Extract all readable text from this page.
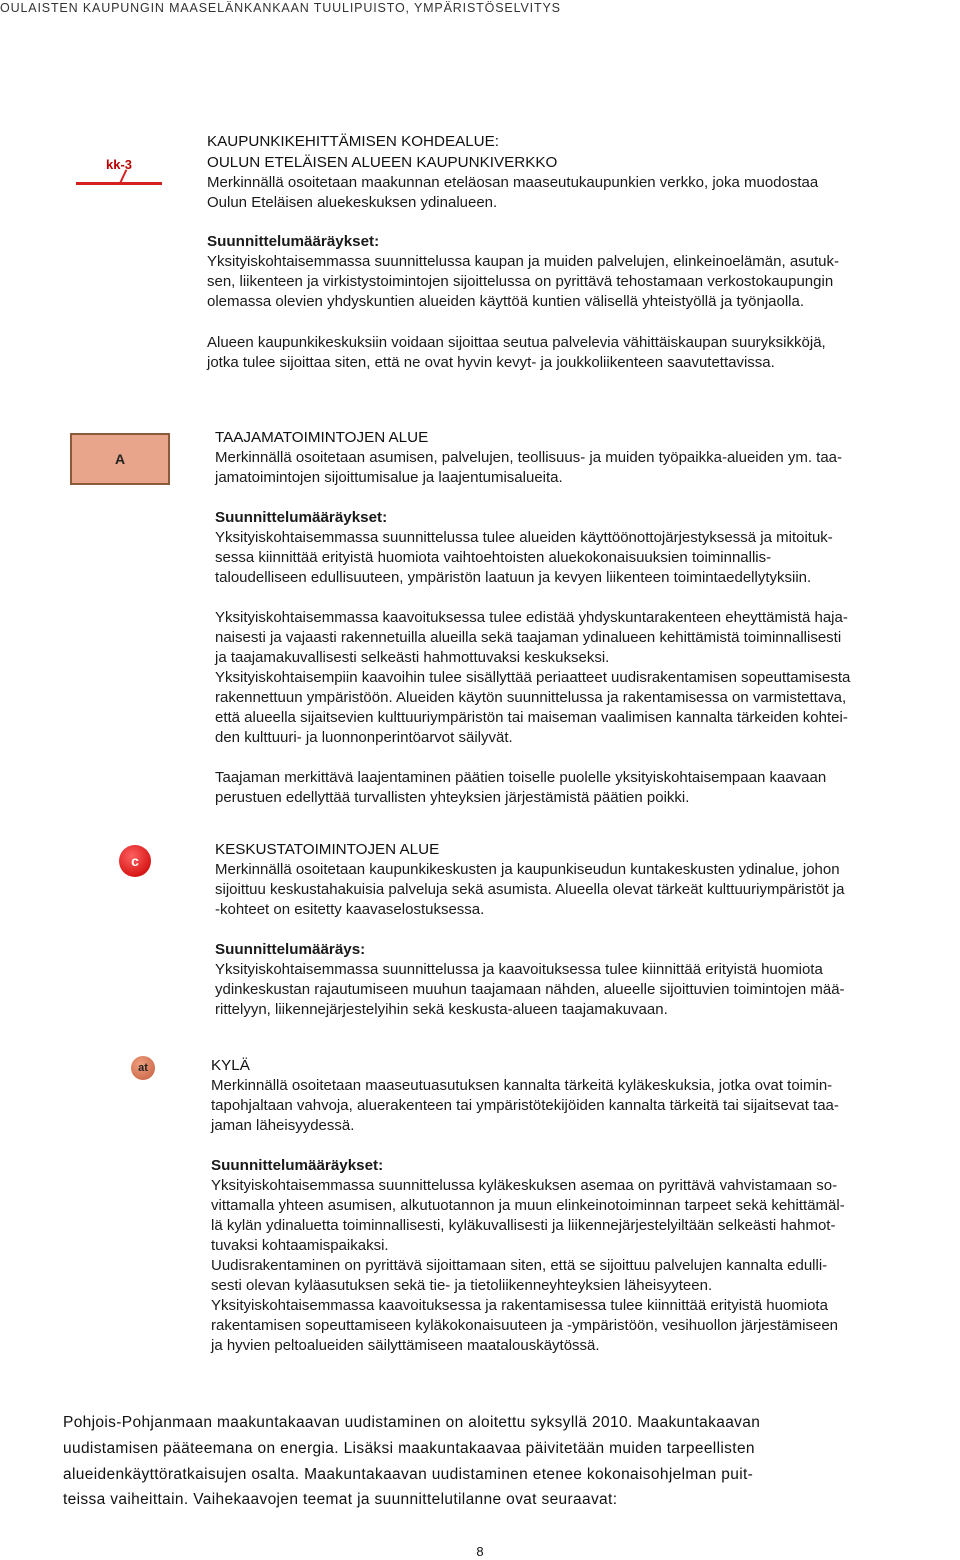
OULAISTEN KAUPUNGIN MAASELÄNKANKAAN TUULIPUISTO, YMPÄRISTÖSELVITYS
kk-3
A
c
at
KAUPUNKIKEHITTÄMISEN KOHDEALUE:
OULUN ETELÄISEN ALUEEN KAUPUNKIVERKKO
Merkinnällä osoitetaan maakunnan eteläosan maaseutukaupunkien verkko, joka muodostaa
Oulun Eteläisen aluekeskuksen ydinalueen.
Suunnittelumääräykset:
Yksityiskohtaisemmassa suunnittelussa kaupan ja muiden palvelujen, elinkeinoelämän, asutuk-
sen, liikenteen ja virkistystoimintojen sijoittelussa on pyrittävä tehostamaan verkostokaupungin
olemassa olevien yhdyskuntien alueiden käyttöä kuntien välisellä yhteistyöllä ja työnjaolla.
Alueen kaupunkikeskuksiin voidaan sijoittaa seutua palvelevia vähittäiskaupan suuryksikköjä,
jotka tulee sijoittaa siten, että ne ovat hyvin kevyt- ja joukkoliikenteen saavutettavissa.
TAAJAMATOIMINTOJEN ALUE
Merkinnällä osoitetaan asumisen, palvelujen, teollisuus- ja muiden työpaikka-alueiden ym. taa-
jamatoimintojen sijoittumisalue ja laajentumisalueita.
Suunnittelumääräykset:
Yksityiskohtaisemmassa suunnittelussa tulee alueiden käyttöönottojärjestyksessä ja mitoituk-
sessa kiinnittää erityistä huomiota vaihtoehtoisten aluekokonaisuuksien toiminnallis-
taloudelliseen edullisuuteen, ympäristön laatuun ja kevyen liikenteen toimintaedellytyksiin.
Yksityiskohtaisemmassa kaavoituksessa tulee edistää yhdyskuntarakenteen eheyttämistä haja-
naisesti ja vajaasti rakennetuilla alueilla sekä taajaman ydinalueen kehittämistä toiminnallisesti
ja taajamakuvallisesti selkeästi hahmottuvaksi keskukseksi.
Yksityiskohtaisempiin kaavoihin tulee sisällyttää periaatteet uudisrakentamisen sopeuttamisesta
rakennettuun ympäristöön. Alueiden käytön suunnittelussa ja rakentamisessa on varmistettava,
että alueella sijaitsevien kulttuuriympäristön tai maiseman vaalimisen kannalta tärkeiden kohtei-
den kulttuuri- ja luonnonperintöarvot säilyvät.
Taajaman merkittävä laajentaminen päätien toiselle puolelle yksityiskohtaisempaan kaavaan
perustuen edellyttää turvallisten yhteyksien järjestämistä päätien poikki.
KESKUSTATOIMINTOJEN ALUE
Merkinnällä osoitetaan kaupunkikeskusten ja kaupunkiseudun kuntakeskusten ydinalue, johon
sijoittuu keskustahakuisia palveluja sekä asumista. Alueella olevat tärkeät kulttuuriympäristöt ja
-kohteet on esitetty kaavaselostuksessa.
Suunnittelumääräys:
Yksityiskohtaisemmassa suunnittelussa ja kaavoituksessa tulee kiinnittää erityistä huomiota
ydinkeskustan rajautumiseen muuhun taajamaan nähden, alueelle sijoittuvien toimintojen mää-
rittelyyn, liikennejärjestelyihin sekä keskusta-alueen taajamakuvaan.
KYLÄ
Merkinnällä osoitetaan maaseutuasutuksen kannalta tärkeitä kyläkeskuksia, jotka ovat toimin-
tapohjaltaan vahvoja, aluerakenteen tai ympäristötekijöiden kannalta tärkeitä tai sijaitsevat taa-
jaman läheisyydessä.
Suunnittelumääräykset:
Yksityiskohtaisemmassa suunnittelussa kyläkeskuksen asemaa on pyrittävä vahvistamaan so-
vittamalla yhteen asumisen, alkutuotannon ja muun elinkeinotoiminnan tarpeet sekä kehittämäl-
lä kylän ydinaluetta toiminnallisesti, kyläkuvallisesti ja liikennejärjestelyiltään selkeästi hahmot-
tuvaksi kohtaamispaikaksi.
Uudisrakentaminen on pyrittävä sijoittamaan siten, että se sijoittuu palvelujen kannalta edulli-
sesti olevan kyläasutuksen sekä tie- ja tietoliikenneyhteyksien läheisyyteen.
Yksityiskohtaisemmassa kaavoituksessa ja rakentamisessa tulee kiinnittää erityistä huomiota
rakentamisen sopeuttamiseen kyläkokonaisuuteen ja -ympäristöön, vesihuollon järjestämiseen
ja hyvien peltoalueiden säilyttämiseen maatalouskäytössä.
Pohjois-Pohjanmaan maakuntakaavan uudistaminen on aloitettu syksyllä 2010. Maakuntakaavan
uudistamisen pääteemana on energia. Lisäksi maakuntakaavaa päivitetään muiden tarpeellisten
alueidenkäyttöratkaisujen osalta. Maakuntakaavan uudistaminen etenee kokonaisohjelman puit-
teissa vaiheittain. Vaihekaavojen teemat ja suunnittelutilanne ovat seuraavat:
8
